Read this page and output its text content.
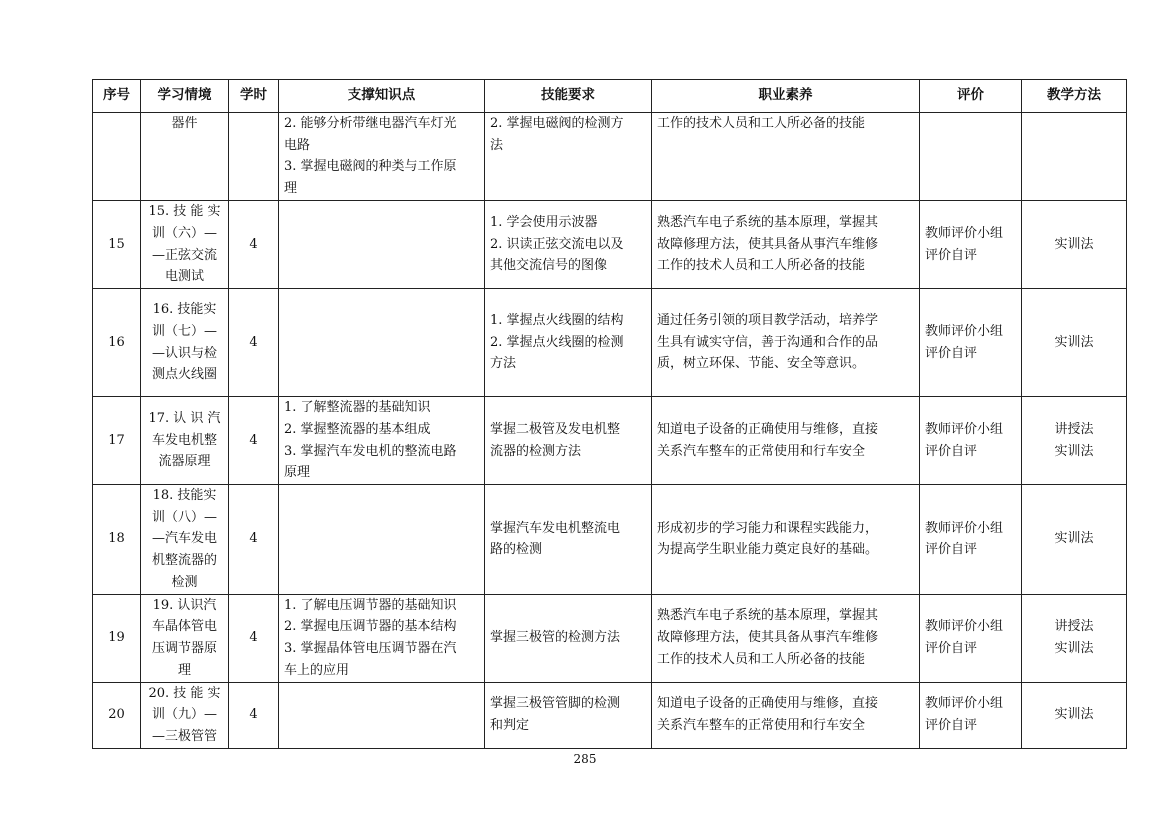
序号	学习情境	学时	支撑知识点	技能要求	职业素养	评价	教学方法

	器件		2. 能够分析带继电器汽车灯光
电路
3. 掌握电磁阀的种类与工作原
理	2. 掌握电磁阀的检测方
法	工作的技术人员和工人所必备的技能		

15	15. 技 能 实
训（六）—
—正弦交流
电测试	4		1. 学会使用示波器
2. 识读正弦交流电以及
其他交流信号的图像	熟悉汽车电子系统的基本原理，掌握其
故障修理方法，使其具备从事汽车维修
工作的技术人员和工人所必备的技能	教师评价小组
评价自评	实训法

16	16. 技能实
训（七）—
—认识与检
测点火线圈	4		1. 掌握点火线圈的结构
2. 掌握点火线圈的检测
方法	通过任务引领的项目教学活动，培养学
生具有诚实守信，善于沟通和合作的品
质，树立环保、节能、安全等意识。	教师评价小组
评价自评	实训法

17	17. 认 识 汽
车发电机整
流器原理	4	1. 了解整流器的基础知识
2. 掌握整流器的基本组成
3. 掌握汽车发电机的整流电路
原理	掌握二极管及发电机整
流器的检测方法	知道电子设备的正确使用与维修，直接
关系汽车整车的正常使用和行车安全	教师评价小组
评价自评	讲授法
实训法

18	18. 技能实
训（八）—
—汽车发电
机整流器的
检测	4		掌握汽车发电机整流电
路的检测	形成初步的学习能力和课程实践能力，
为提高学生职业能力奠定良好的基础。	教师评价小组
评价自评	实训法

19	19. 认识汽
车晶体管电
压调节器原
理	4	1. 了解电压调节器的基础知识
2. 掌握电压调节器的基本结构
3. 掌握晶体管电压调节器在汽
车上的应用	掌握三极管的检测方法	熟悉汽车电子系统的基本原理，掌握其
故障修理方法，使其具备从事汽车维修
工作的技术人员和工人所必备的技能	教师评价小组
评价自评	讲授法
实训法

20	20. 技 能 实
训（九）—
—三极管管	4		掌握三极管管脚的检测
和判定	知道电子设备的正确使用与维修，直接
关系汽车整车的正常使用和行车安全	教师评价小组
评价自评	实训法
285
